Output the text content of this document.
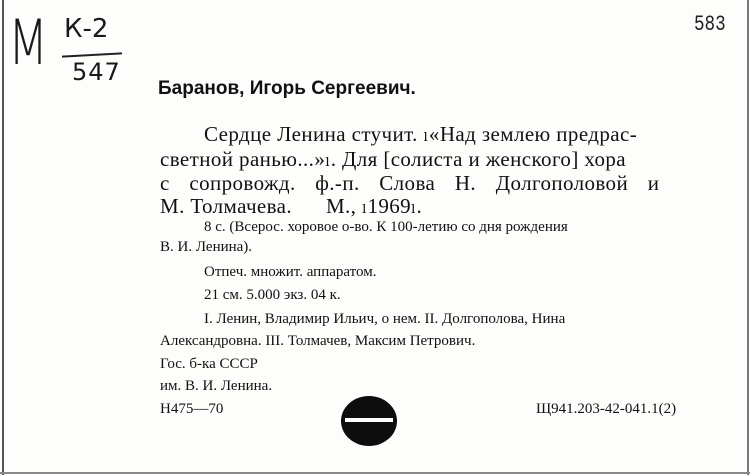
М К-2
547
583
Баранов, Игорь Сергеевич.
Сердце Ленина стучит. ₗ«Над землею предрас-
светной ранью...»ₗ. Для [солиста и женского] хора
с сопровожд. ф.-п. Слова Н. Долгополовой и
М. Толмачева.      М., ₗ1969ₗ.
8 с. (Всерос. хоровое о-во. К 100-летию со дня рождения
В. И. Ленина).
Отпеч. множит. аппаратом.
21 см. 5.000 экз. 04 к.
I. Ленин, Владимир Ильич, о нем. II. Долгополова, Нина
Александровна. III. Толмачев, Максим Петрович.
Гос. б-ка СССР
им. В. И. Ленина.
Н475—70	Щ941.203-42-041.1(2)
